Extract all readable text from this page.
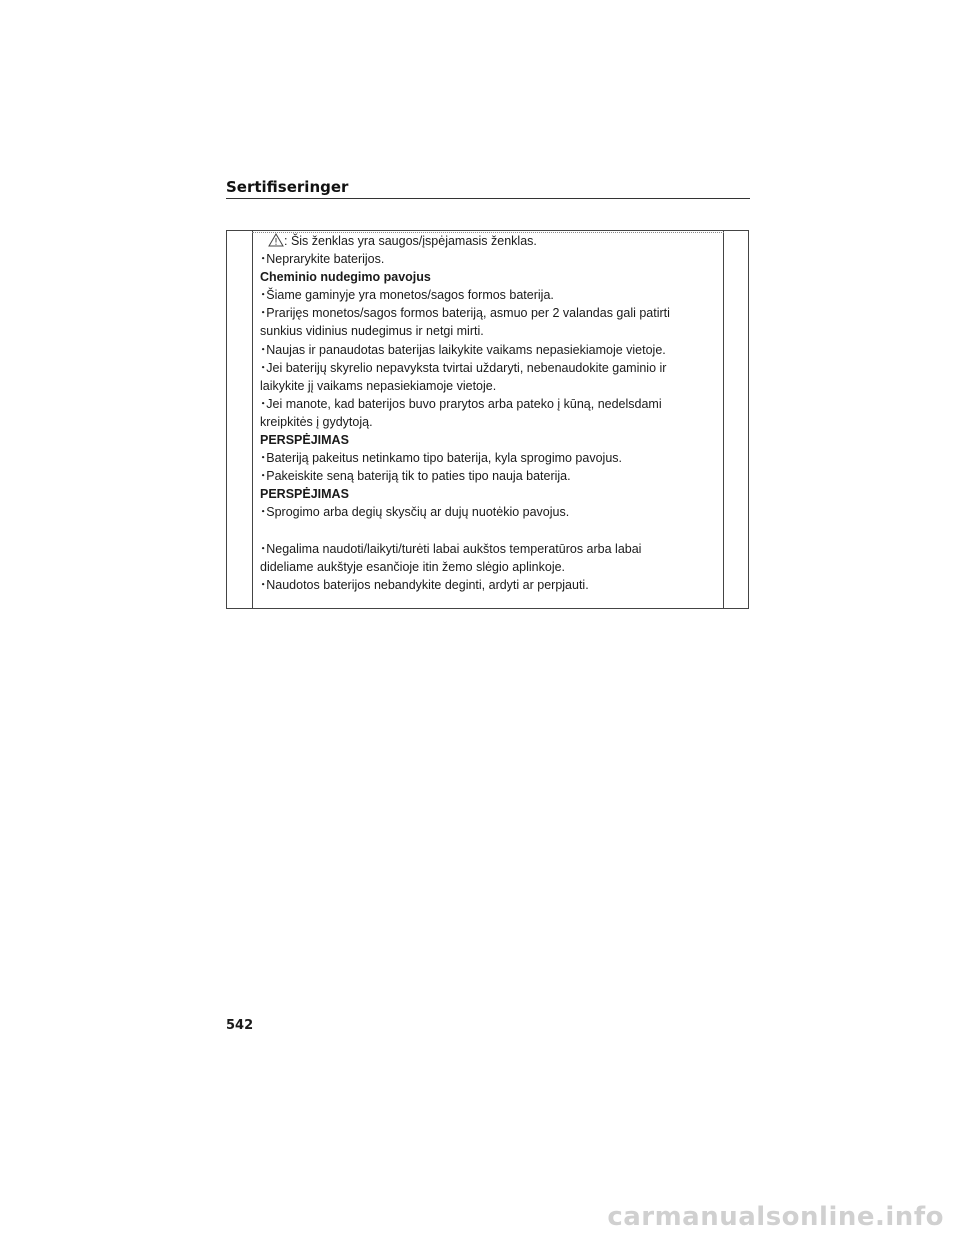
Sertifiseringer
: Šis ženklas yra saugos/įspėjamasis ženklas.
･Neprarykite baterijos.
Cheminio nudegimo pavojus
･Šiame gaminyje yra monetos/sagos formos baterija.
･Prarijęs monetos/sagos formos bateriją, asmuo per 2 valandas gali patirti
sunkius vidinius nudegimus ir netgi mirti.
･Naujas ir panaudotas baterijas laikykite vaikams nepasiekiamoje vietoje.
･Jei baterijų skyrelio nepavyksta tvirtai uždaryti, nebenaudokite gaminio ir
laikykite jį vaikams nepasiekiamoje vietoje.
･Jei manote, kad baterijos buvo prarytos arba pateko į kūną, nedelsdami
kreipkitės į gydytoją.
PERSPĖJIMAS
･Bateriją pakeitus netinkamo tipo baterija, kyla sprogimo pavojus.
･Pakeiskite seną bateriją tik to paties tipo nauja baterija.
PERSPĖJIMAS
･Sprogimo arba degių skysčių ar dujų nuotėkio pavojus.
･Negalima naudoti/laikyti/turėti labai aukštos temperatūros arba labai
dideliame aukštyje esančioje itin žemo slėgio aplinkoje.
･Naudotos baterijos nebandykite deginti, ardyti ar perpjauti.
542
carmanualsonline.info
